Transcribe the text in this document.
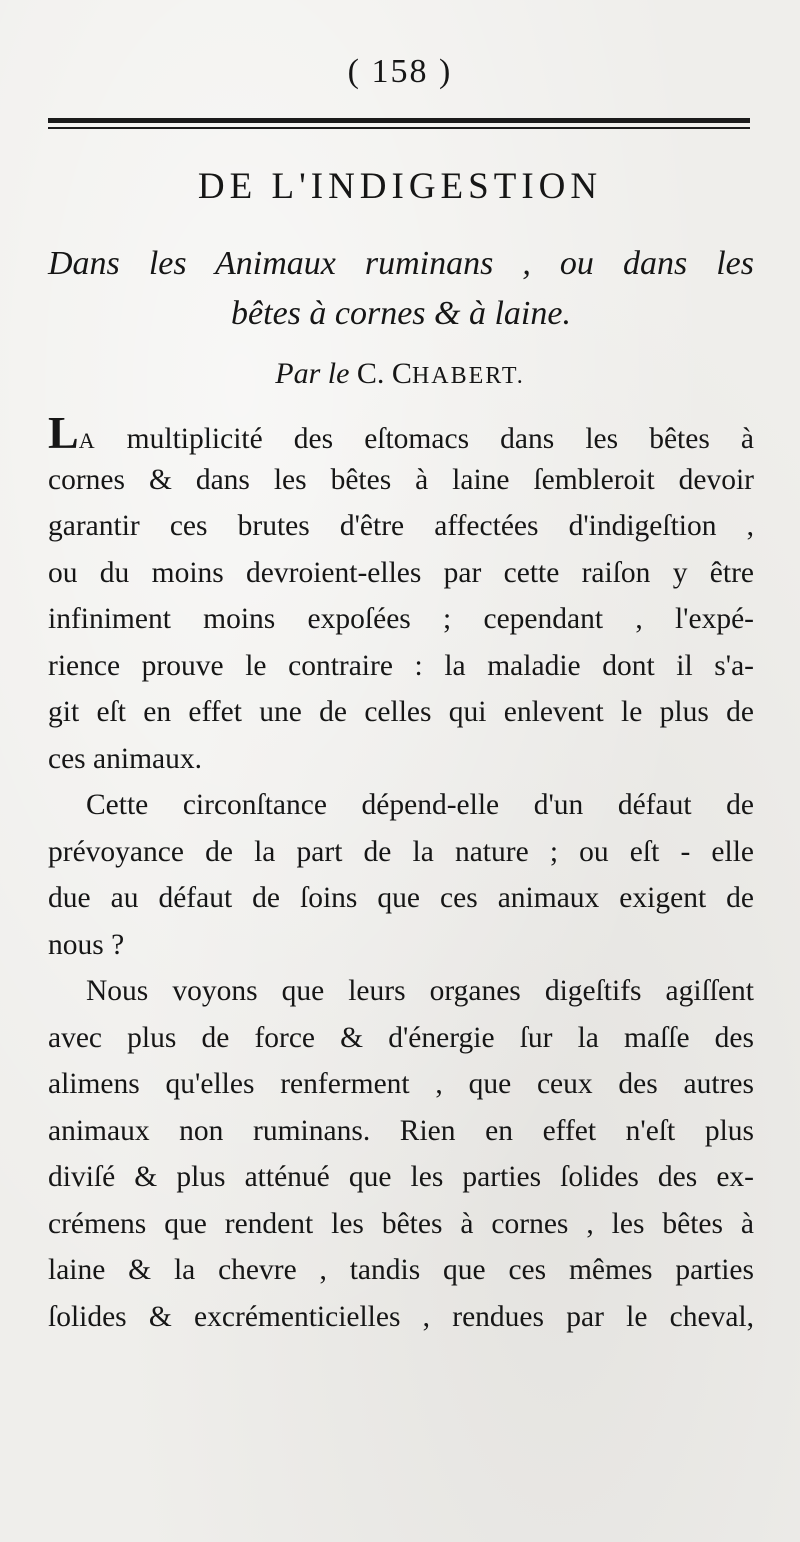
( 158 )
DE L'INDIGESTION
Dans les Animaux ruminans , ou dans les
bêtes à cornes & à laine.
Par le C. CHABERT.
LA multiplicité des eſtomacs dans les bêtes à
cornes & dans les bêtes à laine ſembleroit devoir
garantir ces brutes d'être affectées d'indigeſtion ,
ou du moins devroient-elles par cette raiſon y être
infiniment moins expoſées ; cependant , l'expé-
rience prouve le contraire : la maladie dont il s'a-
git eſt en effet une de celles qui enlevent le plus de
ces animaux.
Cette circonſtance dépend-elle d'un défaut de
prévoyance de la part de la nature ; ou eſt - elle
due au défaut de ſoins que ces animaux exigent de
nous ?
Nous voyons que leurs organes digeſtifs agiſſent
avec plus de force & d'énergie ſur la maſſe des
alimens qu'elles renferment , que ceux des autres
animaux non ruminans. Rien en effet n'eſt plus
diviſé & plus atténué que les parties ſolides des ex-
crémens que rendent les bêtes à cornes , les bêtes à
laine & la chevre , tandis que ces mêmes parties
ſolides & excrémenticielles , rendues par le cheval,
